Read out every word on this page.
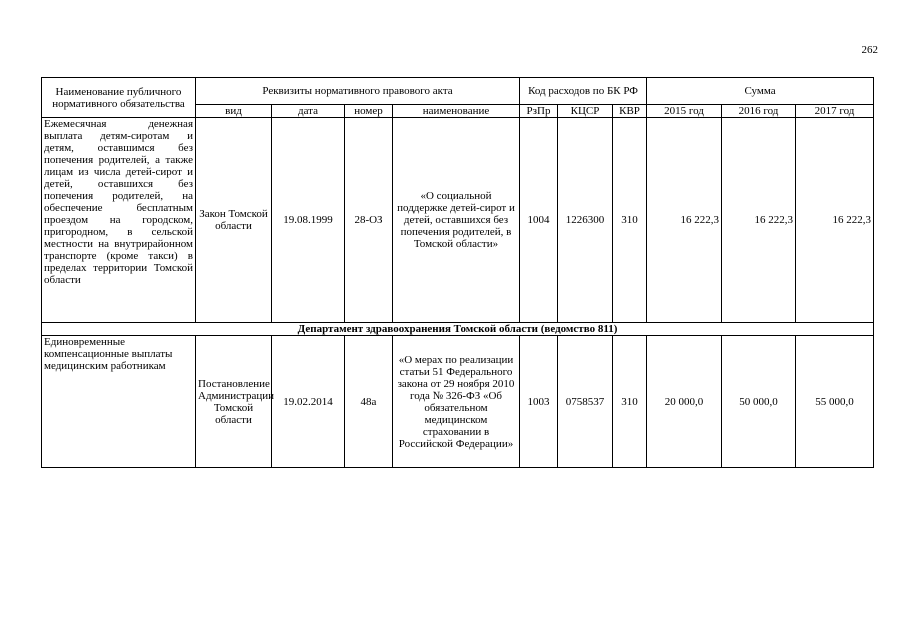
262
Наименование публичного нормативного обязательства	Реквизиты нормативного правового акта				Код расходов по БК РФ			Сумма		
	вид	дата	номер	наименование	РзПр	КЦСР	КВР	2015 год	2016 год	2017 год
Ежемесячная денежная выплата детям-сиротам и детям, оставшимся без попечения родителей, а также лицам из числа детей-сирот и детей, оставшихся без попечения родителей, на обеспечение бесплатным проездом на городском, пригородном, в сельской местности на внутрирайонном транспорте (кроме такси) в пределах территории Томской области	Закон Томской области	19.08.1999	28-ОЗ	«О социальной поддержке детей-сирот и детей, оставшихся без попечения родителей, в Томской области»	1004	1226300	310	16 222,3	16 222,3	16 222,3
Департамент здравоохранения Томской области (ведомство 811)										
Единовременные компенсационные выплаты медицинским работникам	Постановление Администрации Томской области	19.02.2014	48а	«О мерах по реализации статьи 51 Федерального закона от 29 ноября 2010 года № 326-ФЗ «Об обязательном медицинском страховании в Российской Федерации»	1003	0758537	310	20 000,0	50 000,0	55 000,0
